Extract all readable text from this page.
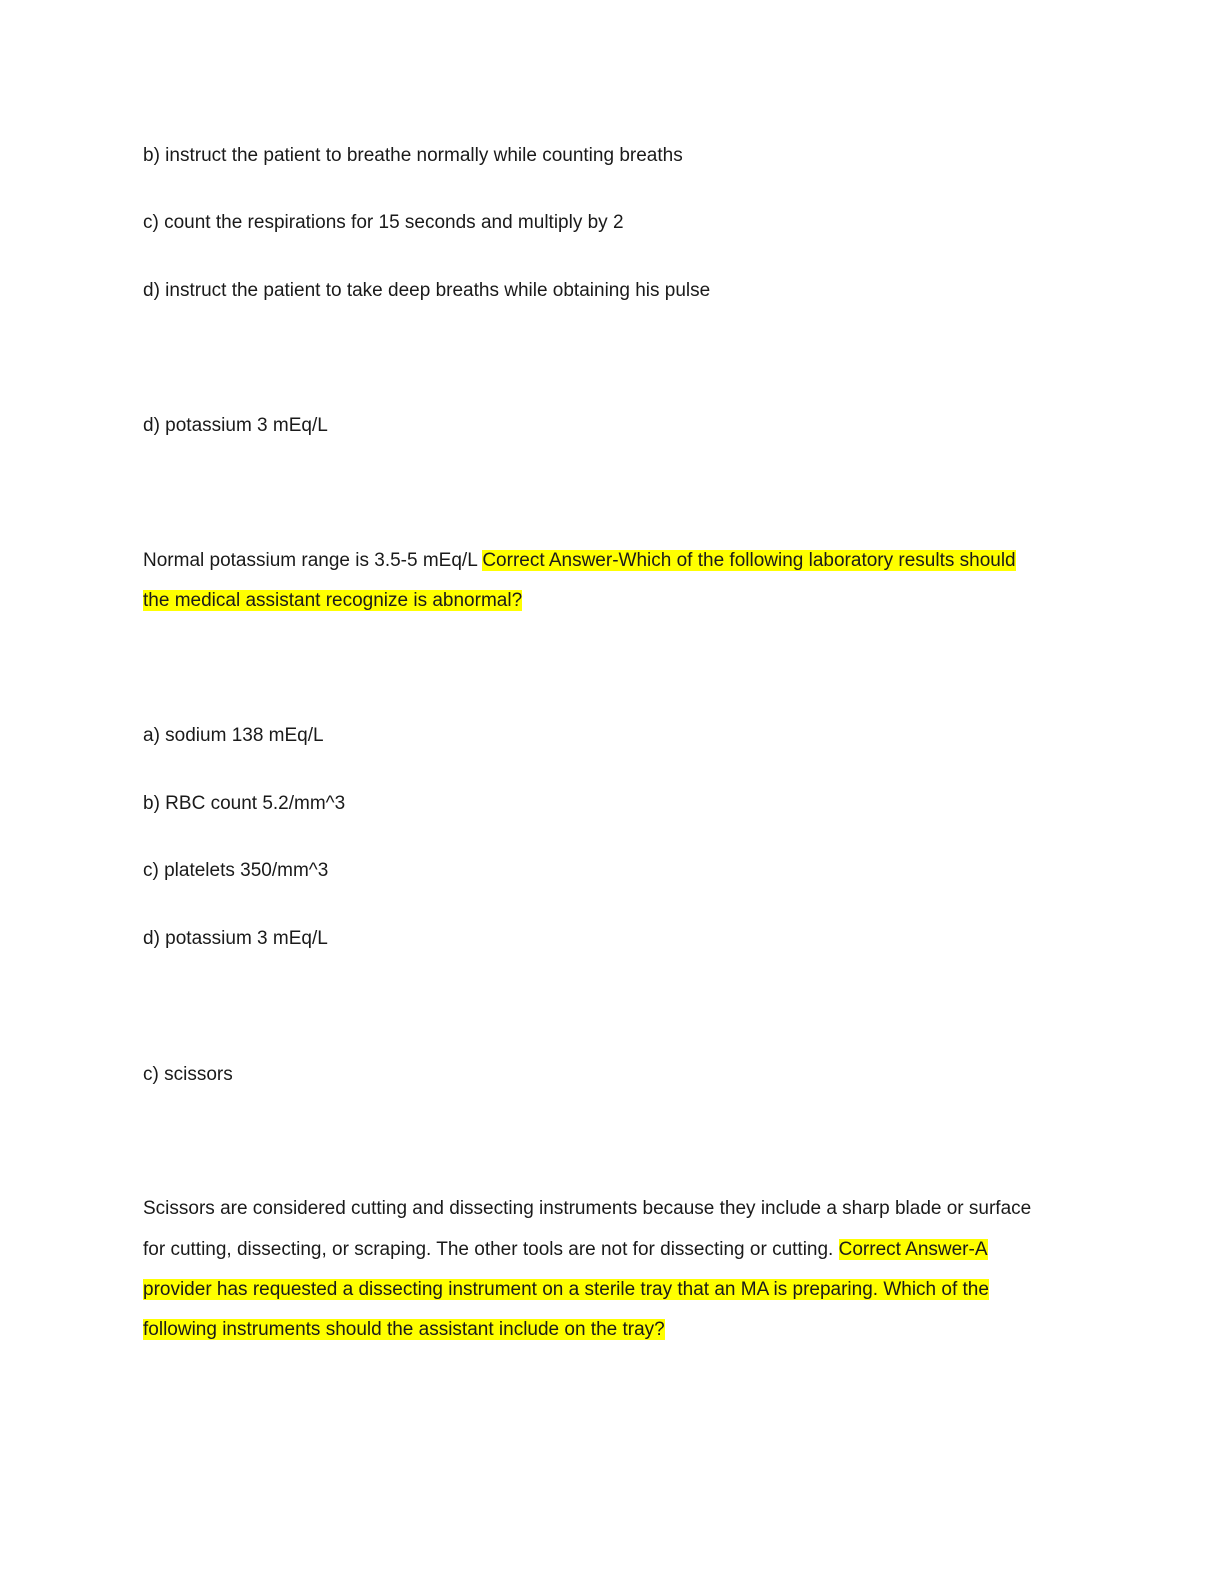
b) instruct the patient to breathe normally while counting breaths

c) count the respirations for 15 seconds and multiply by 2

d) instruct the patient to take deep breaths while obtaining his pulse

d) potassium 3 mEq/L

Normal potassium range is 3.5-5 mEq/L Correct Answer-Which of the following laboratory results should

the medical assistant recognize is abnormal?

a) sodium 138 mEq/L

b) RBC count 5.2/mm^3

c) platelets 350/mm^3

d) potassium 3 mEq/L

c) scissors

Scissors are considered cutting and dissecting instruments because they include a sharp blade or surface

for cutting, dissecting, or scraping. The other tools are not for dissecting or cutting. Correct Answer-A

provider has requested a dissecting instrument on a sterile tray that an MA is preparing. Which of the

following instruments should the assistant include on the tray?
